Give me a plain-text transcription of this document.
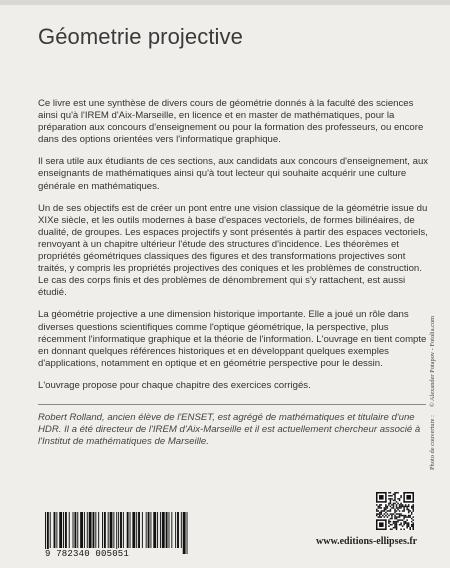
Géometrie projective

Ce livre est une synthèse de divers cours de géométrie donnés à la faculté des sciences ainsi qu'à l'IREM d'Aix-Marseille, en licence et en master de mathématiques, pour la préparation aux concours d'enseignement ou pour la formation des professeurs, ou encore dans des options orientées vers l'informatique graphique.

Il sera utile aux étudiants de ces sections, aux candidats aux concours d'enseignement, aux enseignants de mathématiques ainsi qu'à tout lecteur qui souhaite acquérir une culture générale en mathématiques.

Un de ses objectifs est de créer un pont entre une vision classique de la géométrie issue du XIXe siècle, et les outils modernes à base d'espaces vectoriels, de formes bilinéaires, de dualité, de groupes. Les espaces projectifs y sont présentés à partir des espaces vectoriels, renvoyant à un chapitre ultérieur l'étude des structures d'incidence. Les théorèmes et propriétés géométriques classiques des figures et des transformations projectives sont traités, y compris les propriétés projectives des coniques et les problèmes de construction. Le cas des corps finis et des problèmes de dénombrement qui s'y rattachent, est aussi étudié.

La géométrie projective a une dimension historique importante. Elle a joué un rôle dans diverses questions scientifiques comme l'optique géométrique, la perspective, plus récemment l'informatique graphique et la théorie de l'information. L'ouvrage en tient compte en donnant quelques références historiques et en développant quelques exemples d'applications, notamment en optique et en géométrie perspective pour le dessin.

L'ouvrage propose pour chaque chapitre des exercices corrigés.

Robert Rolland, ancien élève de l'ENSET, est agrégé de mathématiques et titulaire d'une HDR. Il a été directeur de l'IREM d'Aix-Marseille et il est actuellement chercheur associé à l'Institut de mathématiques de Marseille.	Photo de couverture :© Alexander Potapov - Fotolia.com
9 782340 005051
www.editions-ellipses.fr
